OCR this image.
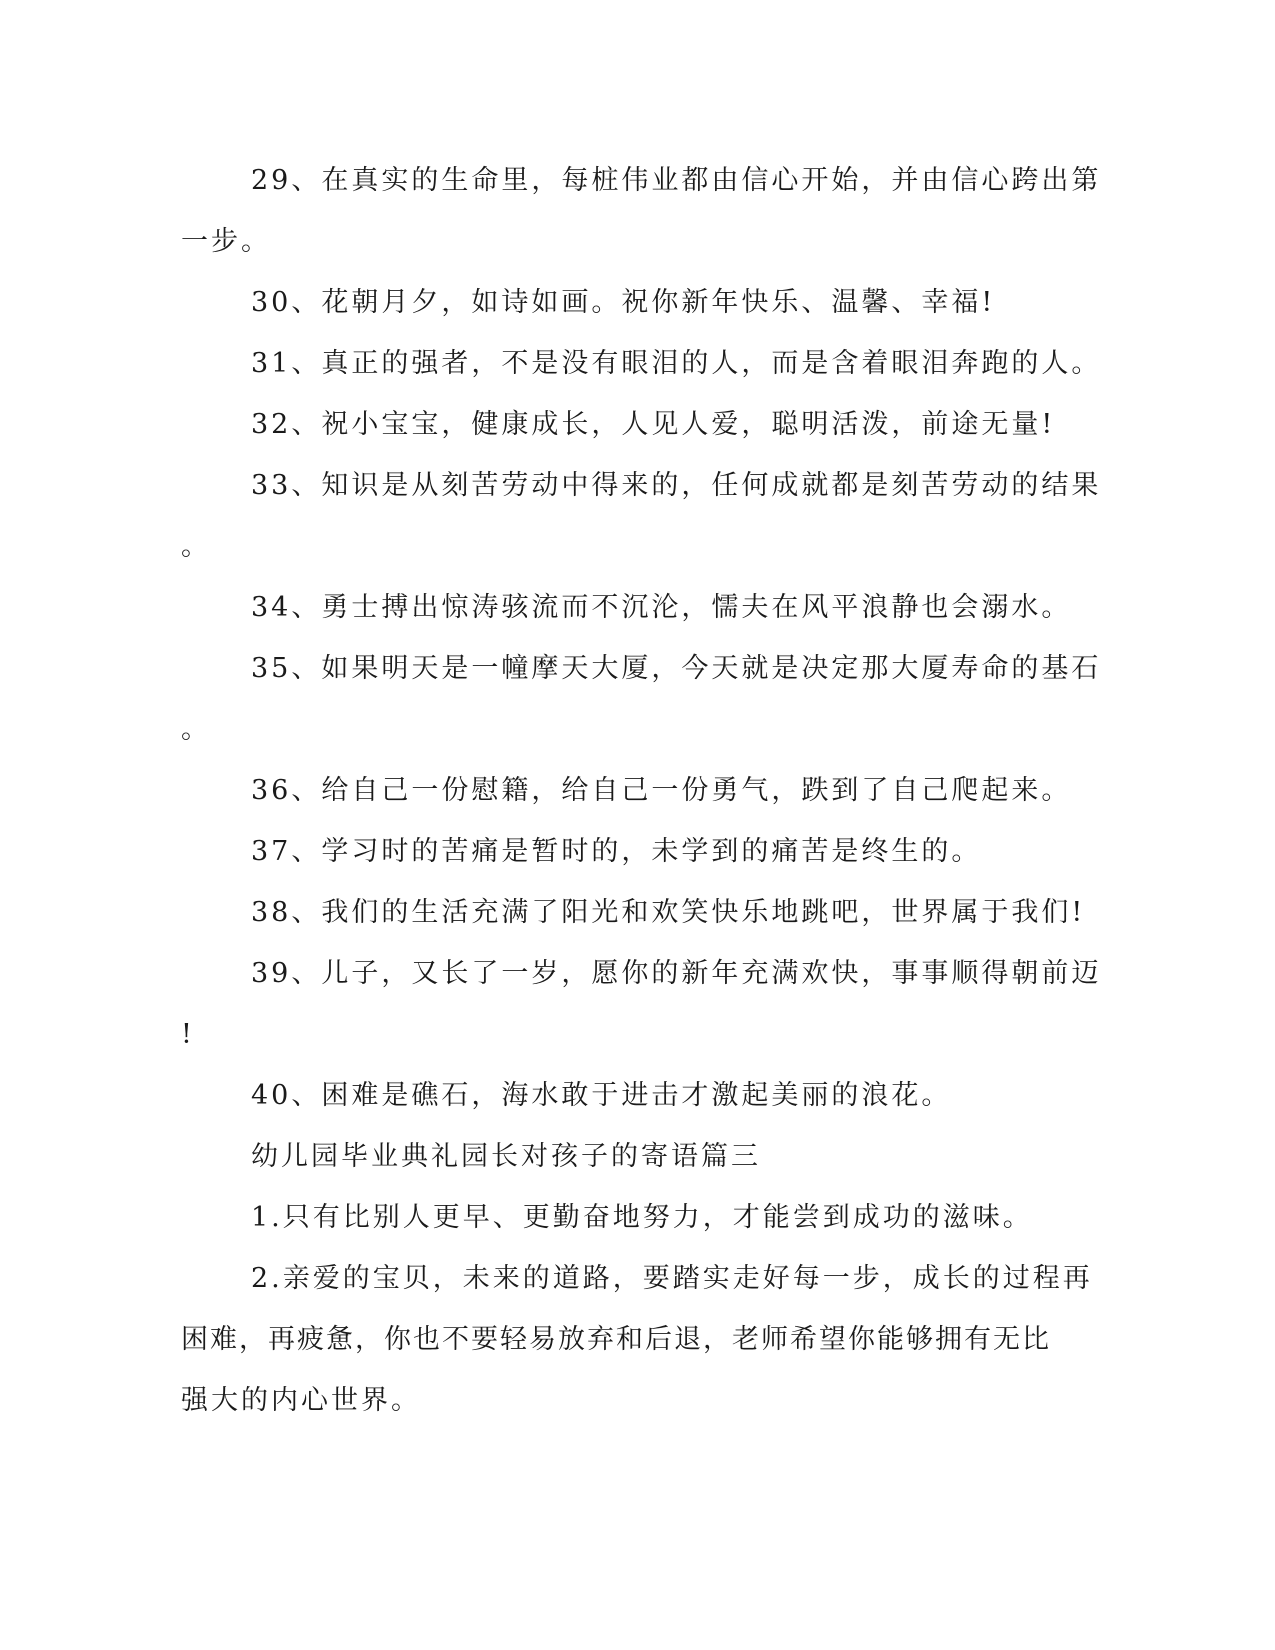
29、在真实的生命里，每桩伟业都由信心开始，并由信心跨出第
一步。
30、花朝月夕，如诗如画。祝你新年快乐、温馨、幸福!
31、真正的强者，不是没有眼泪的人，而是含着眼泪奔跑的人。
32、祝小宝宝，健康成长，人见人爱，聪明活泼，前途无量!
33、知识是从刻苦劳动中得来的，任何成就都是刻苦劳动的结果
。
34、勇士搏出惊涛骇流而不沉沦，懦夫在风平浪静也会溺水。
35、如果明天是一幢摩天大厦，今天就是决定那大厦寿命的基石
。
36、给自己一份慰籍，给自己一份勇气，跌到了自己爬起来。
37、学习时的苦痛是暂时的，未学到的痛苦是终生的。
38、我们的生活充满了阳光和欢笑快乐地跳吧，世界属于我们!
39、儿子，又长了一岁，愿你的新年充满欢快，事事顺得朝前迈
!
40、困难是礁石，海水敢于进击才激起美丽的浪花。
幼儿园毕业典礼园长对孩子的寄语篇三
1.只有比别人更早、更勤奋地努力，才能尝到成功的滋味。
2.亲爱的宝贝，未来的道路，要踏实走好每一步，成长的过程再
困难，再疲惫，你也不要轻易放弃和后退，老师希望你能够拥有无比
强大的内心世界。
